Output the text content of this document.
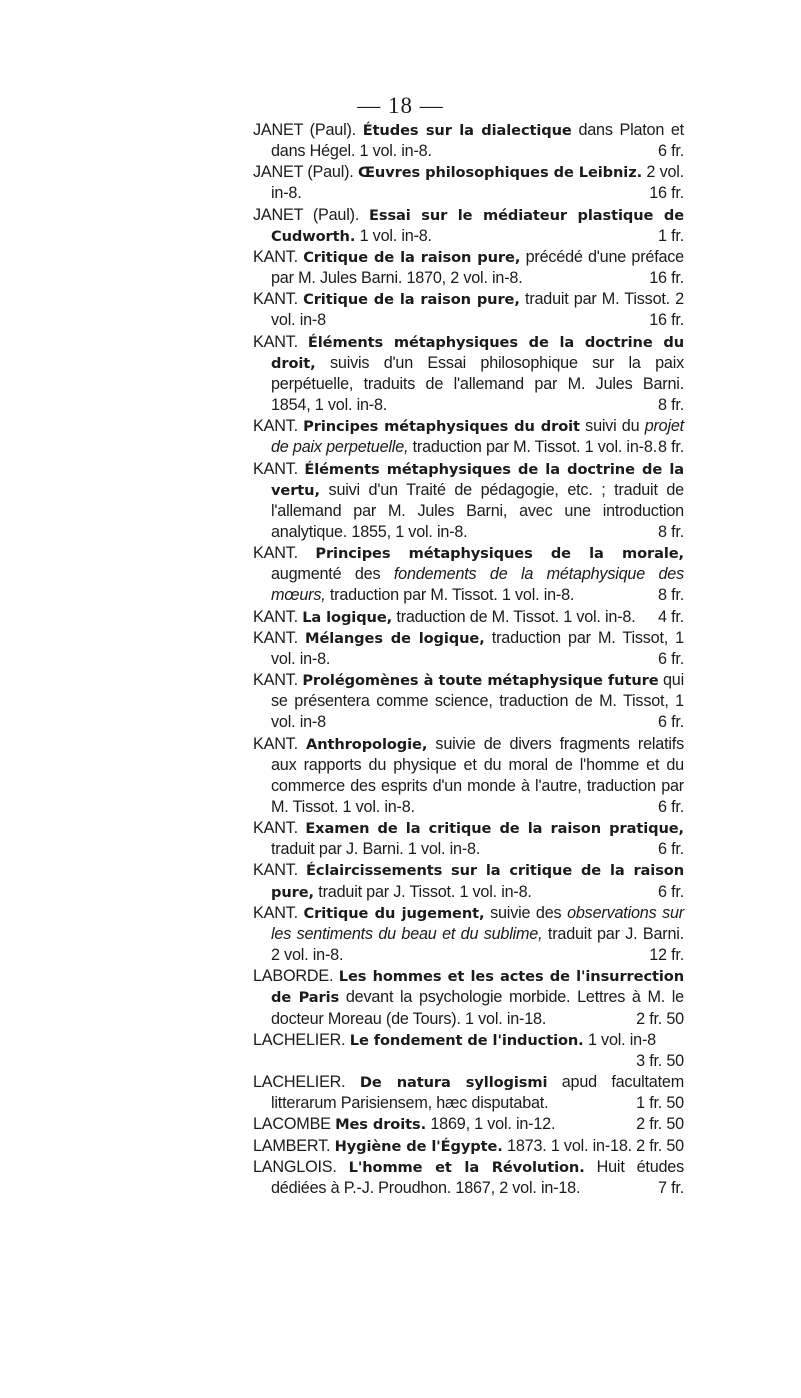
— 18 —
JANET (Paul). Études sur la dialectique dans Platon et dans Hégel. 1 vol. in-8.	6 fr.
JANET (Paul). Œuvres philosophiques de Leibniz. 2 vol. in-8.	16 fr.
JANET (Paul). Essai sur le médiateur plastique de Cudworth. 1 vol. in-8.	1 fr.
KANT. Critique de la raison pure, précédé d'une préface par M. Jules Barni. 1870, 2 vol. in-8.	16 fr.
KANT. Critique de la raison pure, traduit par M. Tissot. 2 vol. in-8	16 fr.
KANT. Éléments métaphysiques de la doctrine du droit, suivis d'un Essai philosophique sur la paix perpétuelle, traduits de l'allemand par M. Jules Barni. 1854, 1 vol. in-8.	8 fr.
KANT. Principes métaphysiques du droit suivi du projet de paix perpetuelle, traduction par M. Tissot. 1 vol. in-8. 8 fr.
KANT. Éléments métaphysiques de la doctrine de la vertu, suivi d'un Traité de pédagogie, etc. ; traduit de l'allemand par M. Jules Barni, avec une introduction analytique. 1855, 1 vol. in-8.	8 fr.
KANT. Principes métaphysiques de la morale, augmenté des fondements de la métaphysique des mœurs, traduction par M. Tissot. 1 vol. in-8.	8 fr.
KANT. La logique, traduction de M. Tissot. 1 vol. in-8. 4 fr.
KANT. Mélanges de logique, traduction par M. Tissot, 1 vol. in-8.	6 fr.
KANT. Prolégomènes à toute métaphysique future qui se présentera comme science, traduction de M. Tissot, 1 vol. in-8	6 fr.
KANT. Anthropologie, suivie de divers fragments relatifs aux rapports du physique et du moral de l'homme et du commerce des esprits d'un monde à l'autre, traduction par M. Tissot. 1 vol. in-8.	6 fr.
KANT. Examen de la critique de la raison pratique, traduit par J. Barni. 1 vol. in-8.	6 fr.
KANT. Éclaircissements sur la critique de la raison pure, traduit par J. Tissot. 1 vol. in-8.	6 fr.
KANT. Critique du jugement, suivie des observations sur les sentiments du beau et du sublime, traduit par J. Barni. 2 vol. in-8.	12 fr.
LABORDE. Les hommes et les actes de l'insurrection de Paris devant la psychologie morbide. Lettres à M. le docteur Moreau (de Tours). 1 vol. in-18.	2 fr. 50
LACHELIER. Le fondement de l'induction. 1 vol. in-8
3 fr. 50
LACHELIER. De natura syllogismi apud facultatem litterarum Parisiensem, hæc disputabat.	1 fr. 50
LACOMBE Mes droits. 1869, 1 vol. in-12.	2 fr. 50
LAMBERT. Hygiène de l'Égypte. 1873. 1 vol. in-18. 2 fr. 50
LANGLOIS. L'homme et la Révolution. Huit études dédiées à P.-J. Proudhon. 1867, 2 vol. in-18.	7 fr.
